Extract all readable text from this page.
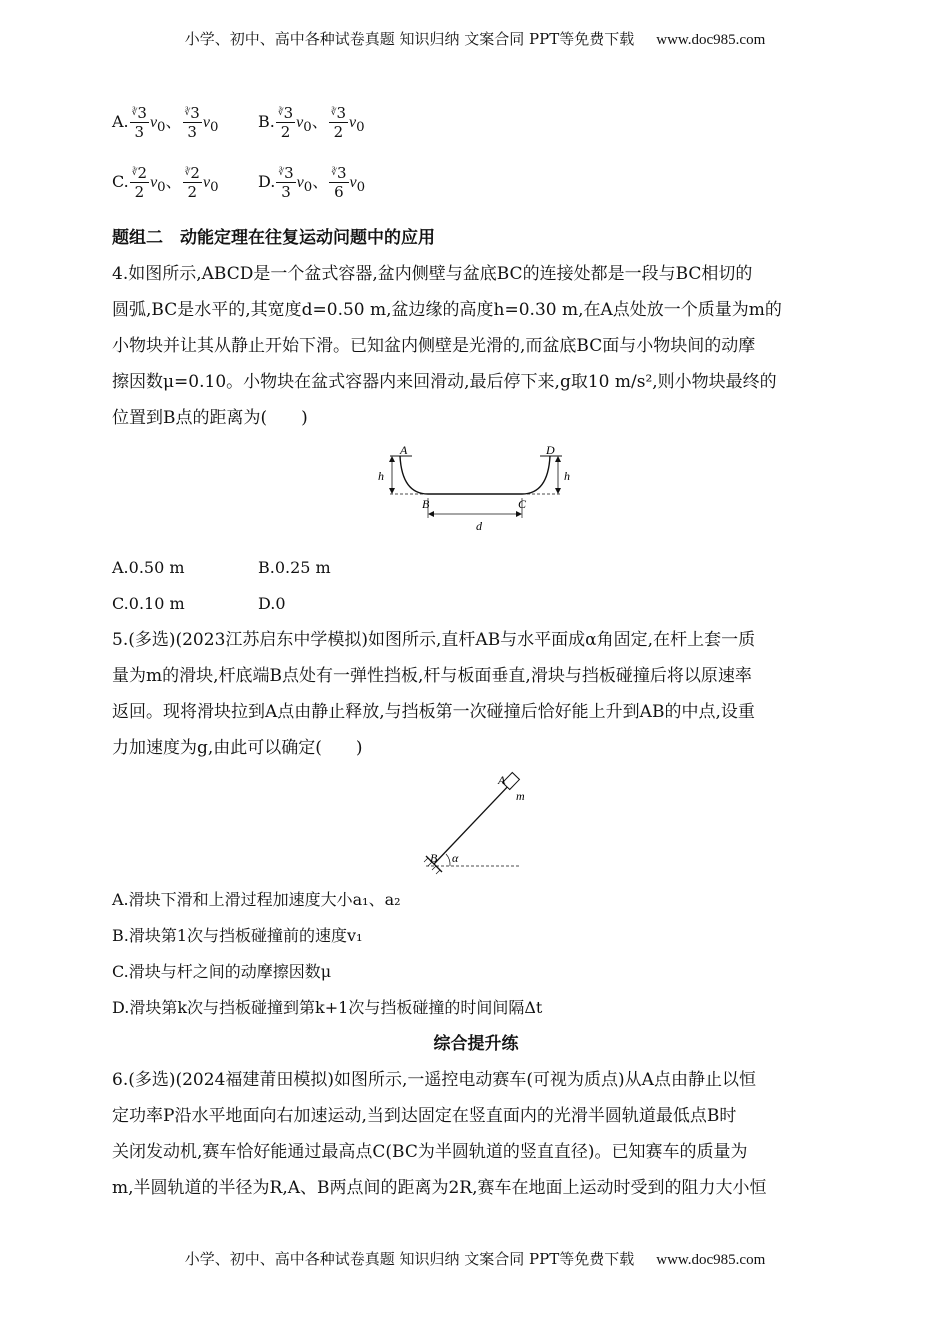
小学、初中、高中各种试卷真题 知识归纳 文案合同 PPT等免费下载 www.doc985.com
A. $\frac{^∛3}{3} v_0$、 $\frac{^∛3}{3} v_0$ B. $\frac{^∛3}{2} v_0$、 $\frac{^∛3}{2} v_0$
C. $\frac{^∛2}{2} v_0$、 $\frac{^∛2}{2} v_0$ D. $\frac{^∛3}{3} v_0$、 $\frac{^∛3}{6} v_0$
题组二　动能定理在往复运动问题中的应用
4.如图所示,ABCD是一个盆式容器,盆内侧壁与盆底BC的连接处都是一段与BC相切的
圆弧,BC是水平的,其宽度d=0.50 m,盆边缘的高度h=0.30 m,在A点处放一个质量为m的
小物块并让其从静止开始下滑。已知盆内侧壁是光滑的,而盆底BC面与小物块间的动摩
擦因数μ=0.10。小物块在盆式容器内来回滑动,最后停下来,g取10 m/s²,则小物块最终的
位置到B点的距离为(　　)
A	D
h	h
B	C
d
A.0.50 m	B.0.25 m
C.0.10 m	D.0
5.(多选)(2023江苏启东中学模拟)如图所示,直杆AB与水平面成α角固定,在杆上套一质
量为m的滑块,杆底端B点处有一弹性挡板,杆与板面垂直,滑块与挡板碰撞后将以原速率
返回。现将滑块拉到A点由静止释放,与挡板第一次碰撞后恰好能上升到AB的中点,设重
力加速度为g,由此可以确定(　　)
A
m
B α
A.滑块下滑和上滑过程加速度大小a₁、a₂
B.滑块第1次与挡板碰撞前的速度v₁
C.滑块与杆之间的动摩擦因数μ
D.滑块第k次与挡板碰撞到第k+1次与挡板碰撞的时间间隔Δt
综合提升练
6.(多选)(2024福建莆田模拟)如图所示,一遥控电动赛车(可视为质点)从A点由静止以恒
定功率P沿水平地面向右加速运动,当到达固定在竖直面内的光滑半圆轨道最低点B时
关闭发动机,赛车恰好能通过最高点C(BC为半圆轨道的竖直直径)。已知赛车的质量为
m,半圆轨道的半径为R,A、B两点间的距离为2R,赛车在地面上运动时受到的阻力大小恒
小学、初中、高中各种试卷真题 知识归纳 文案合同 PPT等免费下载 www.doc985.com
